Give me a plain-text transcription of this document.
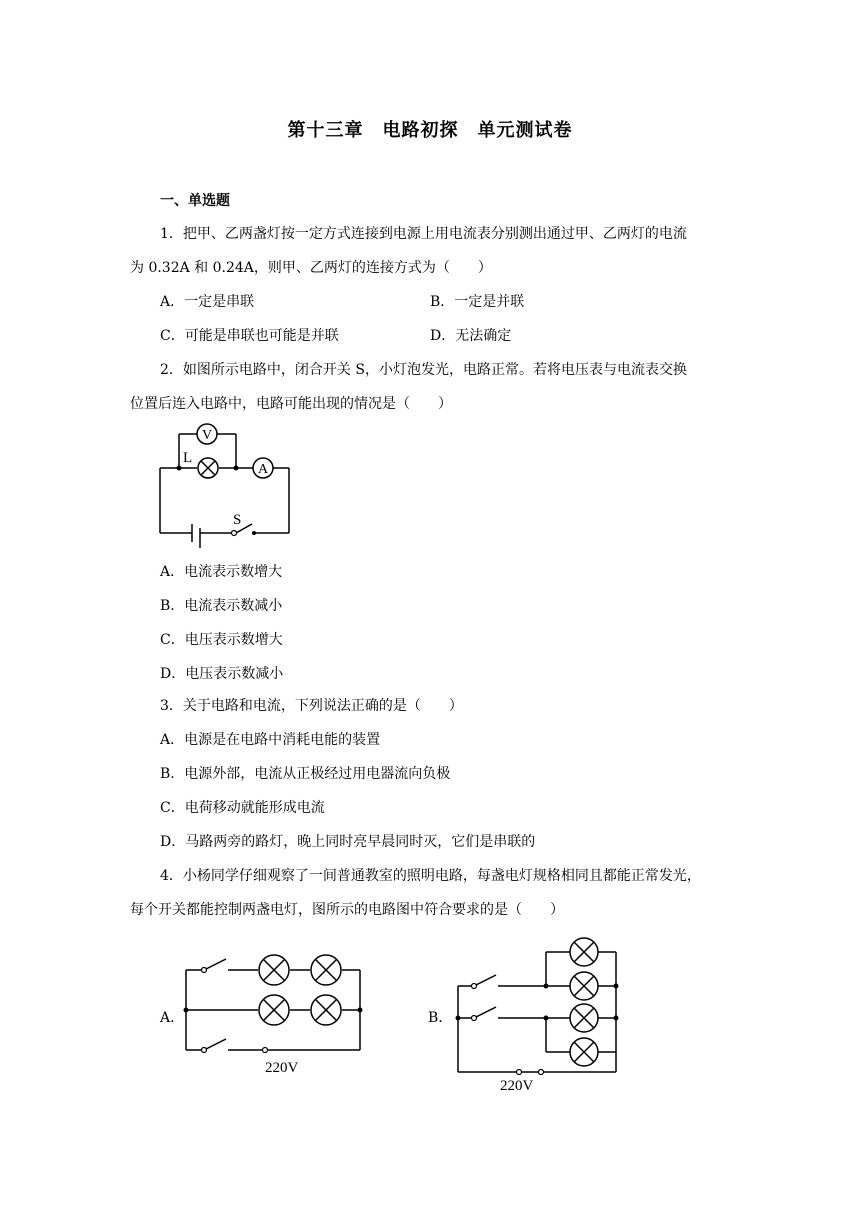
第十三章　电路初探　单元测试卷
一、单选题
1．把甲、乙两盏灯按一定方式连接到电源上用电流表分别测出通过甲、乙两灯的电流
为 0.32A 和 0.24A，则甲、乙两灯的连接方式为（　　）
A．一定是串联	B．一定是并联
C．可能是串联也可能是并联	D．无法确定
2．如图所示电路中，闭合开关 S，小灯泡发光，电路正常。若将电压表与电流表交换
位置后连入电路中，电路可能出现的情况是（　　）
V
L
A
S
A．电流表示数增大
B．电流表示数减小
C．电压表示数增大
D．电压表示数减小
3．关于电路和电流，下列说法正确的是（　　）
A．电源是在电路中消耗电能的装置
B．电源外部，电流从正极经过用电器流向负极
C．电荷移动就能形成电流
D．马路两旁的路灯，晚上同时亮早晨同时灭，它们是串联的
4．小杨同学仔细观察了一间普通教室的照明电路，每盏电灯规格相同且都能正常发光，
每个开关都能控制两盏电灯，图所示的电路图中符合要求的是（　　）
A.
220V
B.
220V
